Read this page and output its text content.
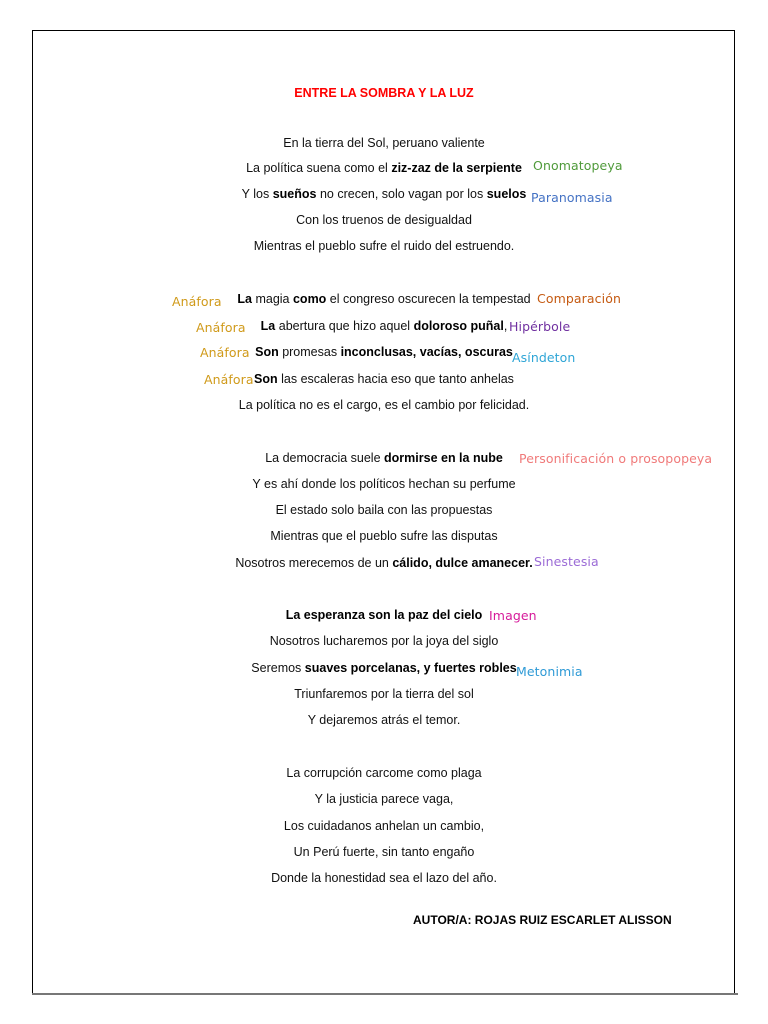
ENTRE LA SOMBRA Y LA LUZ
En la tierra del Sol, peruano valiente
La política suena como el ziz-zaz de la serpiente
Y los sueños no crecen, solo vagan por los suelos
Con los truenos de desigualdad
Mientras el pueblo sufre el ruido del estruendo.
La magia como el congreso oscurecen la tempestad
La abertura que hizo aquel doloroso puñal,
Son promesas inconclusas, vacías, oscuras
Son las escaleras hacia eso que tanto anhelas
La política no es el cargo, es el cambio por felicidad.
La democracia suele dormirse en la nube
Y es ahí donde los políticos hechan su perfume
El estado solo baila con las propuestas
Mientras que el pueblo sufre las disputas
Nosotros merecemos de un cálido, dulce amanecer.
La esperanza son la paz del cielo
Nosotros lucharemos por la joya del siglo
Seremos suaves porcelanas, y fuertes robles
Triunfaremos por la tierra del sol
Y dejaremos atrás el temor.
La corrupción carcome como plaga
Y la justicia parece vaga,
Los cuidadanos anhelan un cambio,
Un Perú fuerte, sin tanto engaño
Donde la honestidad sea el lazo del año.
Onomatopeya
Paranomasia
Anáfora	Comparación
Anáfora	Hipérbole
Anáfora	Asíndeton
Anáfora
Personificación o prosopopeya
Sinestesia
Imagen
Metonimia
AUTOR/A: ROJAS RUIZ ESCARLET ALISSON
